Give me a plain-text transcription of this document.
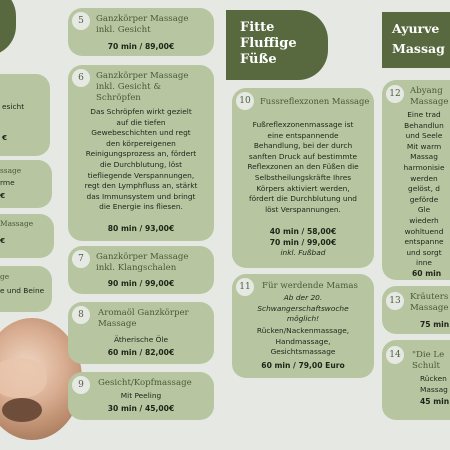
esicht
€
ssage
rme
€
Massage
€
ge
e und Beine
5	Ganzkörper Massage
inkl. Gesicht
70 min / 89,00€
6	Ganzkörper Massage
inkl. Gesicht &
Schröpfen
Das Schröpfen wirkt gezielt
auf die tiefen
Gewebeschichten und regt
den körpereigenen
Reinigungsprozess an, fördert
die Durchblutung, löst
tiefliegende Verspannungen,
regt den Lymphfluss an, stärkt
das Immunsystem und bringt
die Energie ins fliesen.
80 min / 93,00€
7	Ganzkörper Massage
inkl. Klangschalen
90 min / 99,00€
8	Aromaöl Ganzkörper
Massage
Ätherische Öle
60 min / 82,00€
9	Gesicht/Kopfmassage
Mit Peeling
30 min / 45,00€
Fitte
Fluffige
Füße
10	Fussreflexzonen Massage
Fußreflexzonenmassage ist
eine entspannende
Behandlung, bei der durch
sanften Druck auf bestimmte
Reflexzonen an den Füßen die
Selbstheilungskräfte Ihres
Körpers aktiviert werden,
fördert die Durchblutung und
löst Verspannungen.
40 min / 58,00€
70 min / 99,00€
inkl. Fußbad
11	Für werdende Mamas
Ab der 20.
Schwangerschaftswoche
möglich!
Rücken/Nackenmassage,
Handmassage,
Gesichtsmassage
60 min / 79,00 Euro
Ayurve
Massag
12	Abyang
Massage
Eine trad
Behandlun
und Seele
Mit warm
Massag
harmonisie
werden
gelöst, d
geförde
Gle
wiederh
wohltuend
entspanne
und sorgt
inne
60 min
13	Kräuters
Massage
75 min
14	"Die Le
Schult
Rücken
Massag
45 min
